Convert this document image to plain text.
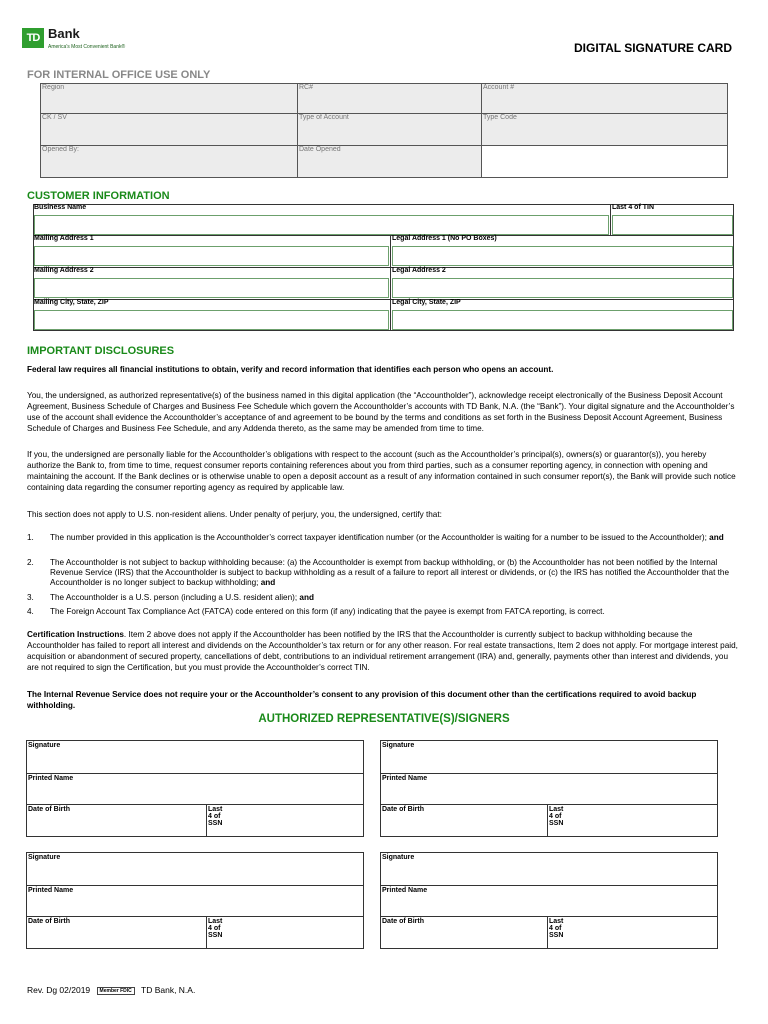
TD Bank
America's Most Convenient Bank®	DIGITAL SIGNATURE CARD
FOR INTERNAL OFFICE USE ONLY
Region	RC#	Account #
CK / SV	Type of Account	Type Code
Opened By:	Date Opened
CUSTOMER INFORMATION
Business Name	Last 4 of TIN
Mailing Address 1	Legal Address 1 (No PO Boxes)
Mailing Address 2	Legal Address 2
Mailing City, State, ZIP	Legal City, State, ZIP
IMPORTANT DISCLOSURES
Federal law requires all financial institutions to obtain, verify and record information that identifies each person who opens an account.
You, the undersigned, as authorized representative(s) of the business named in this digital application (the “Accountholder”), acknowledge receipt electronically of the Business Deposit Account Agreement, Business Schedule of Charges and Business Fee Schedule which govern the Accountholder’s accounts with TD Bank, N.A. (the “Bank”). Your digital signature and the Accountholder’s use of the account shall evidence the Accountholder’s acceptance of and agreement to be bound by the terms and conditions as set forth in the Business Deposit Account Agreement, Business Schedule of Charges and Business Fee Schedule, and any Addenda thereto, as the same may be amended from time to time.
If you, the undersigned are personally liable for the Accountholder’s obligations with respect to the account (such as the Accountholder’s principal(s), owners(s) or guarantor(s)), you hereby authorize the Bank to, from time to time, request consumer reports containing references about you from third parties, such as a consumer reporting agency, in connection with opening and maintaining the account. If the Bank declines or is otherwise unable to open a deposit account as a result of any information contained in such consumer report(s), the Bank will provide such notice containing data regarding the consumer reporting agency as required by applicable law.
This section does not apply to U.S. non-resident aliens. Under penalty of perjury, you, the undersigned, certify that:
1. The number provided in this application is the Accountholder’s correct taxpayer identification number (or the Accountholder is waiting for a number to be issued to the Accountholder); and
2. The Accountholder is not subject to backup withholding because: (a) the Accountholder is exempt from backup withholding, or (b) the Accountholder has not been notified by the Internal Revenue Service (IRS) that the Accountholder is subject to backup withholding as a result of a failure to report all interest or dividends, or (c) the IRS has notified the Accountholder that the Accountholder is no longer subject to backup withholding; and
3. The Accountholder is a U.S. person (including a U.S. resident alien); and
4. The Foreign Account Tax Compliance Act (FATCA) code entered on this form (if any) indicating that the payee is exempt from FATCA reporting, is correct.
Certification Instructions. Item 2 above does not apply if the Accountholder has been notified by the IRS that the Accountholder is currently subject to backup withholding because the Accountholder has failed to report all interest and dividends on the Accountholder’s tax return or for any other reason. For real estate transactions, Item 2 does not apply. For mortgage interest paid, acquisition or abandonment of secured property, cancellations of debt, contributions to an individual retirement arrangement (IRA) and, generally, payments other than interest and dividends, you are not required to sign the Certification, but you must provide the Accountholder’s correct TIN.
The Internal Revenue Service does not require your or the Accountholder’s consent to any provision of this document other than the certifications required to avoid backup withholding.
AUTHORIZED REPRESENTATIVE(S)/SIGNERS
Signature
Printed Name
Date of Birth	Last 4 of SSN
Signature
Printed Name
Date of Birth	Last 4 of SSN
Signature
Printed Name
Date of Birth	Last 4 of SSN
Signature
Printed Name
Date of Birth	Last 4 of SSN
Rev. Dg 02/2019 Member FDIC TD Bank, N.A.
